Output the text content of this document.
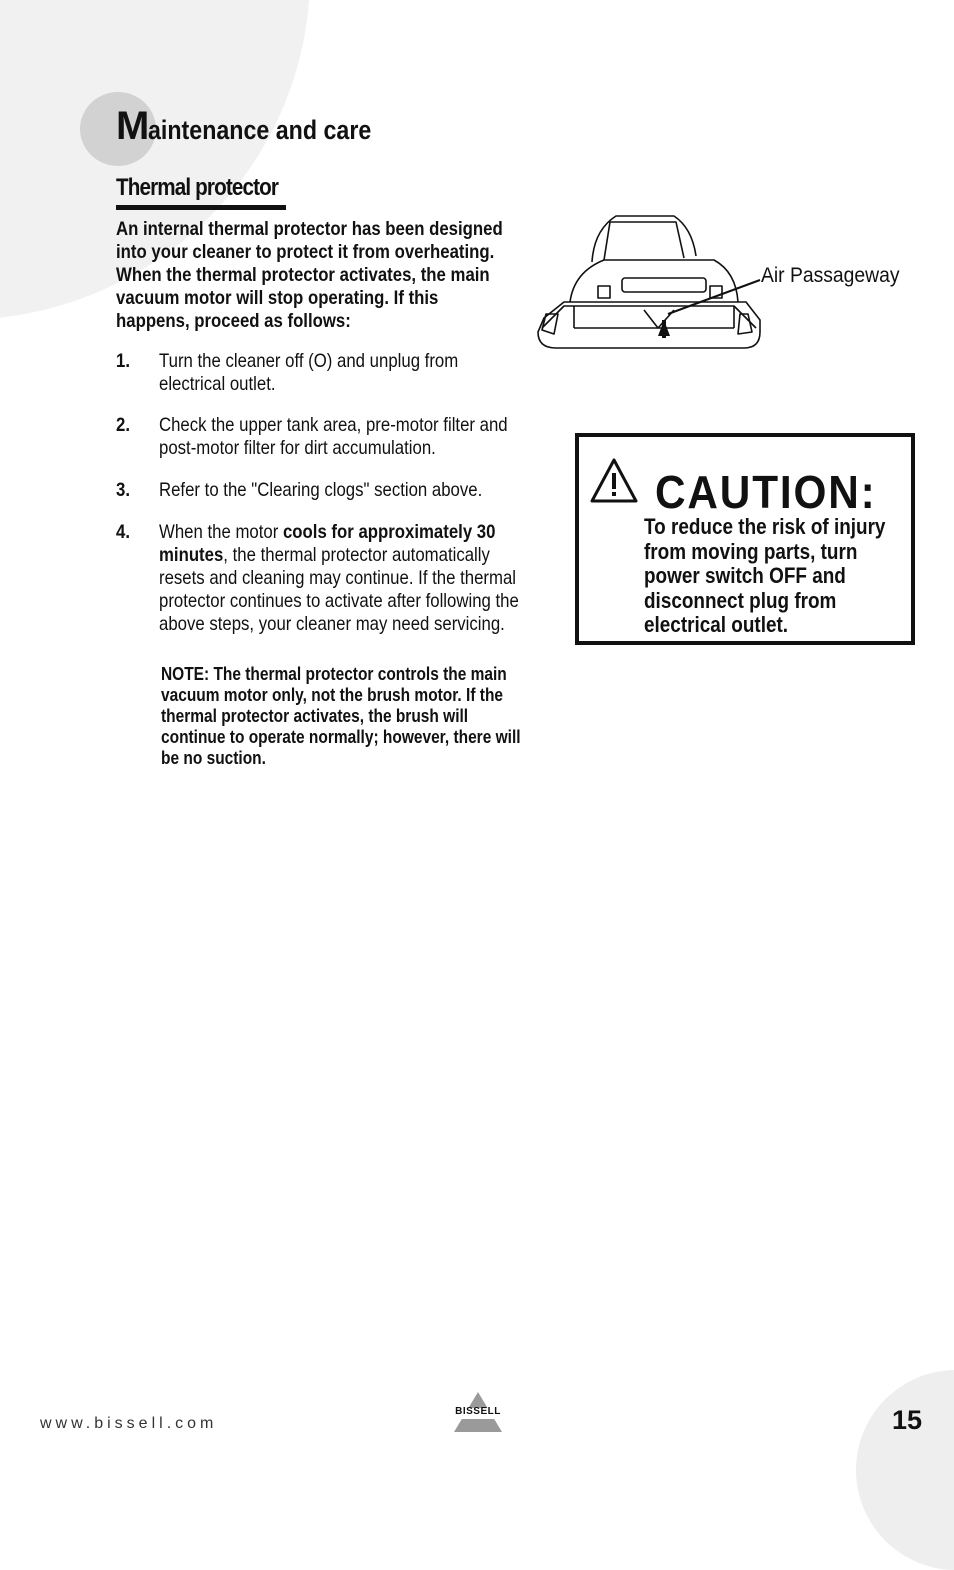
Maintenance and care
Thermal protector
An internal thermal protector has been designed into your cleaner to protect it from overheating. When the thermal protector activates, the main vacuum motor will stop operating. If this happens, proceed as follows:
1. Turn the cleaner off (O) and unplug from electrical outlet.
2. Check the upper tank area, pre-motor filter and post-motor filter for dirt accumulation.
3. Refer to the "Clearing clogs" section above.
4. When the motor cools for approximately 30 minutes, the thermal protector automatically resets and cleaning may continue. If the thermal protector continues to activate after following the above steps, your cleaner may need servicing.
NOTE: The thermal protector controls the main vacuum motor only, not the brush motor. If the thermal protector activates, the brush will continue to operate normally; however, there will be no suction.
Air Passageway
CAUTION:
To reduce the risk of injury from moving parts, turn power switch OFF and disconnect plug from electrical outlet.
www.bissell.com
BISSELL	15
